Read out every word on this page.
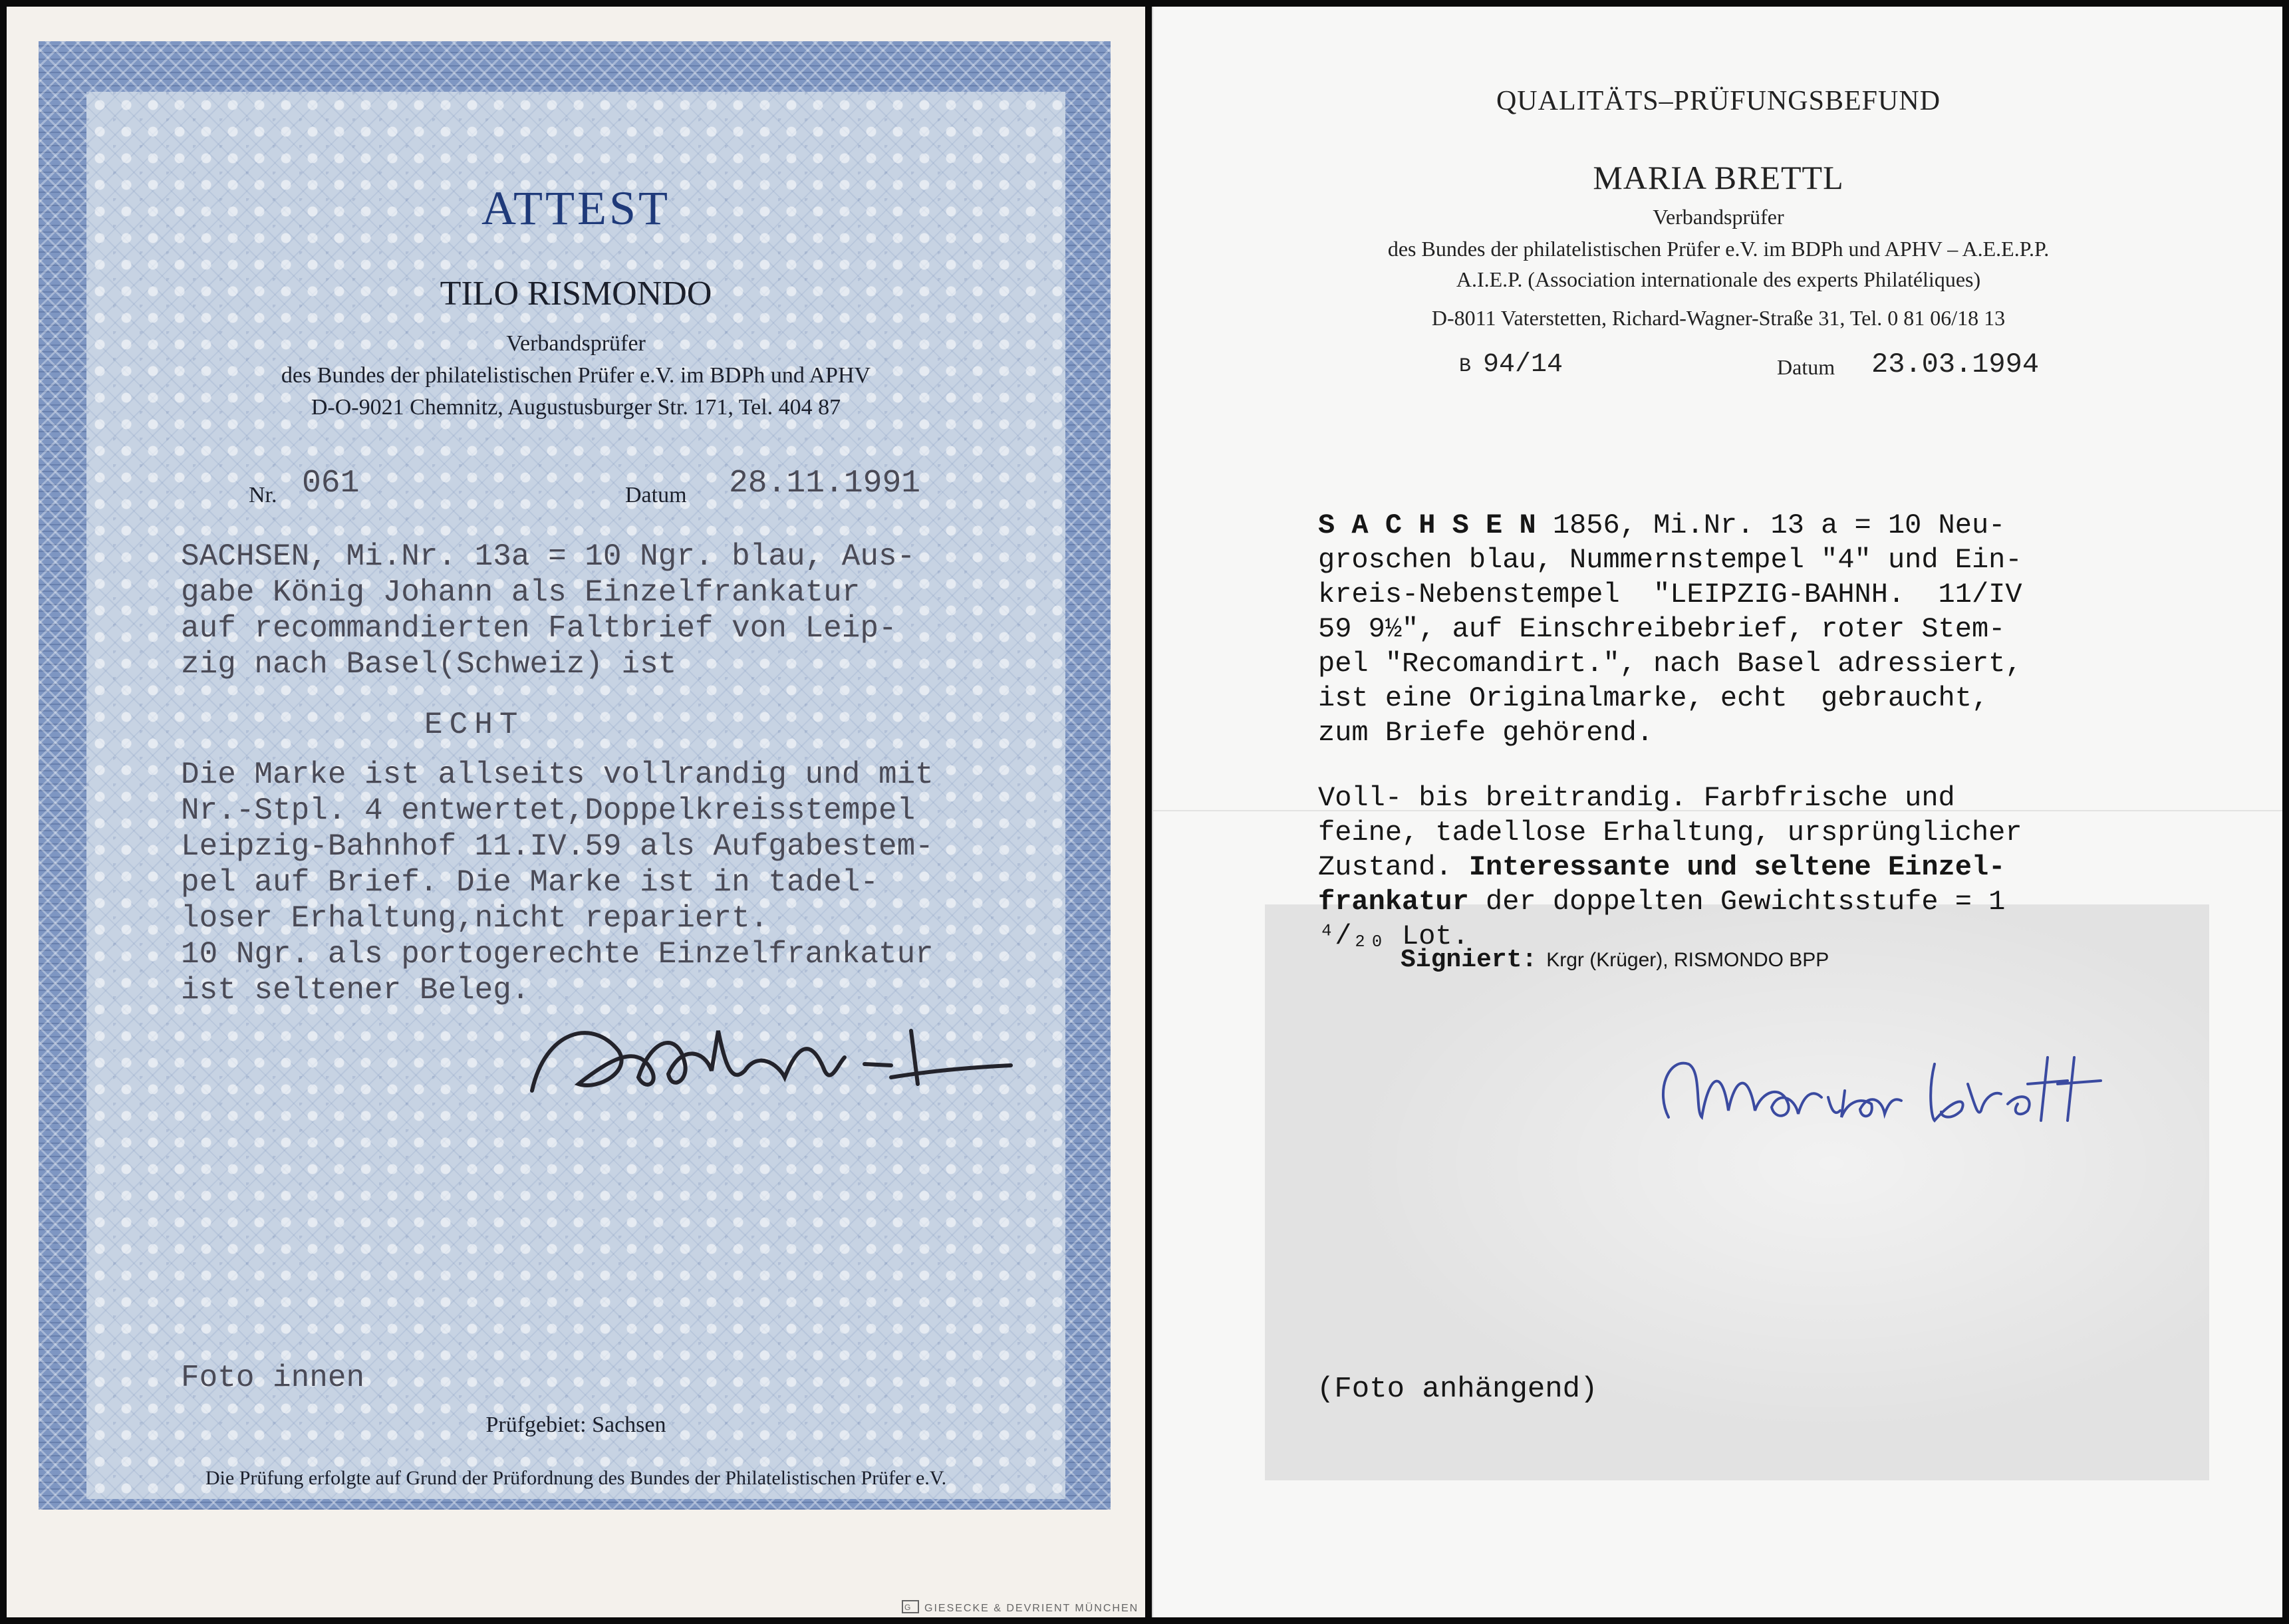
ATTEST
TILO RISMONDO
Verbandsprüfer
des Bundes der philatelistischen Prüfer e.V. im BDPh und APHV
D-O-9021 Chemnitz, Augustusburger Str. 171, Tel. 404 87
Nr. 061	Datum 28.11.1991
SACHSEN, Mi.Nr. 13a = 10 Ngr. blau, Aus-
gabe König Johann als Einzelfrankatur
auf recommandierten Faltbrief von Leip-
zig nach Basel(Schweiz) ist
ECHT
Die Marke ist allseits vollrandig und mit
Nr.-Stpl. 4 entwertet,Doppelkreisstempel
Leipzig-Bahnhof 11.IV.59 als Aufgabestem-
pel auf Brief. Die Marke ist in tadel-
loser Erhaltung,nicht repariert.
10 Ngr. als portogerechte Einzelfrankatur
ist seltener Beleg.
Foto innen
Prüfgebiet: Sachsen
Die Prüfung erfolgte auf Grund der Prüfordnung des Bundes der Philatelistischen Prüfer e.V.
G GIESECKE & DEVRIENT MÜNCHEN
QUALITÄTS–PRÜFUNGSBEFUND
MARIA BRETTL
Verbandsprüfer
des Bundes der philatelistischen Prüfer e.V. im BDPh und APHV – A.E.E.P.P.
A.I.E.P. (Association internationale des experts Philatéliques)
D-8011 Vaterstetten, Richard-Wagner-Straße 31, Tel. 0 81 06/18 13
B 94/14	Datum 23.03.1994
S A C H S E N 1856, Mi.Nr. 13 a = 10 Neu-
groschen blau, Nummernstempel "4" und Ein-
kreis-Nebenstempel  "LEIPZIG-BAHNH.  11/IV
59 9½", auf Einschreibebrief, roter Stem-
pel "Recomandirt.", nach Basel adressiert,
ist eine Originalmarke, echt  gebraucht,
zum Briefe gehörend.
Voll- bis breitrandig. Farbfrische und
feine, tadellose Erhaltung, ursprünglicher
Zustand. Interessante und seltene Einzel-
frankatur der doppelten Gewichtsstufe = 1
⁴/₂₀ Lot.
Signiert: Krgr (Krüger), RISMONDO BPP
(Foto anhängend)
